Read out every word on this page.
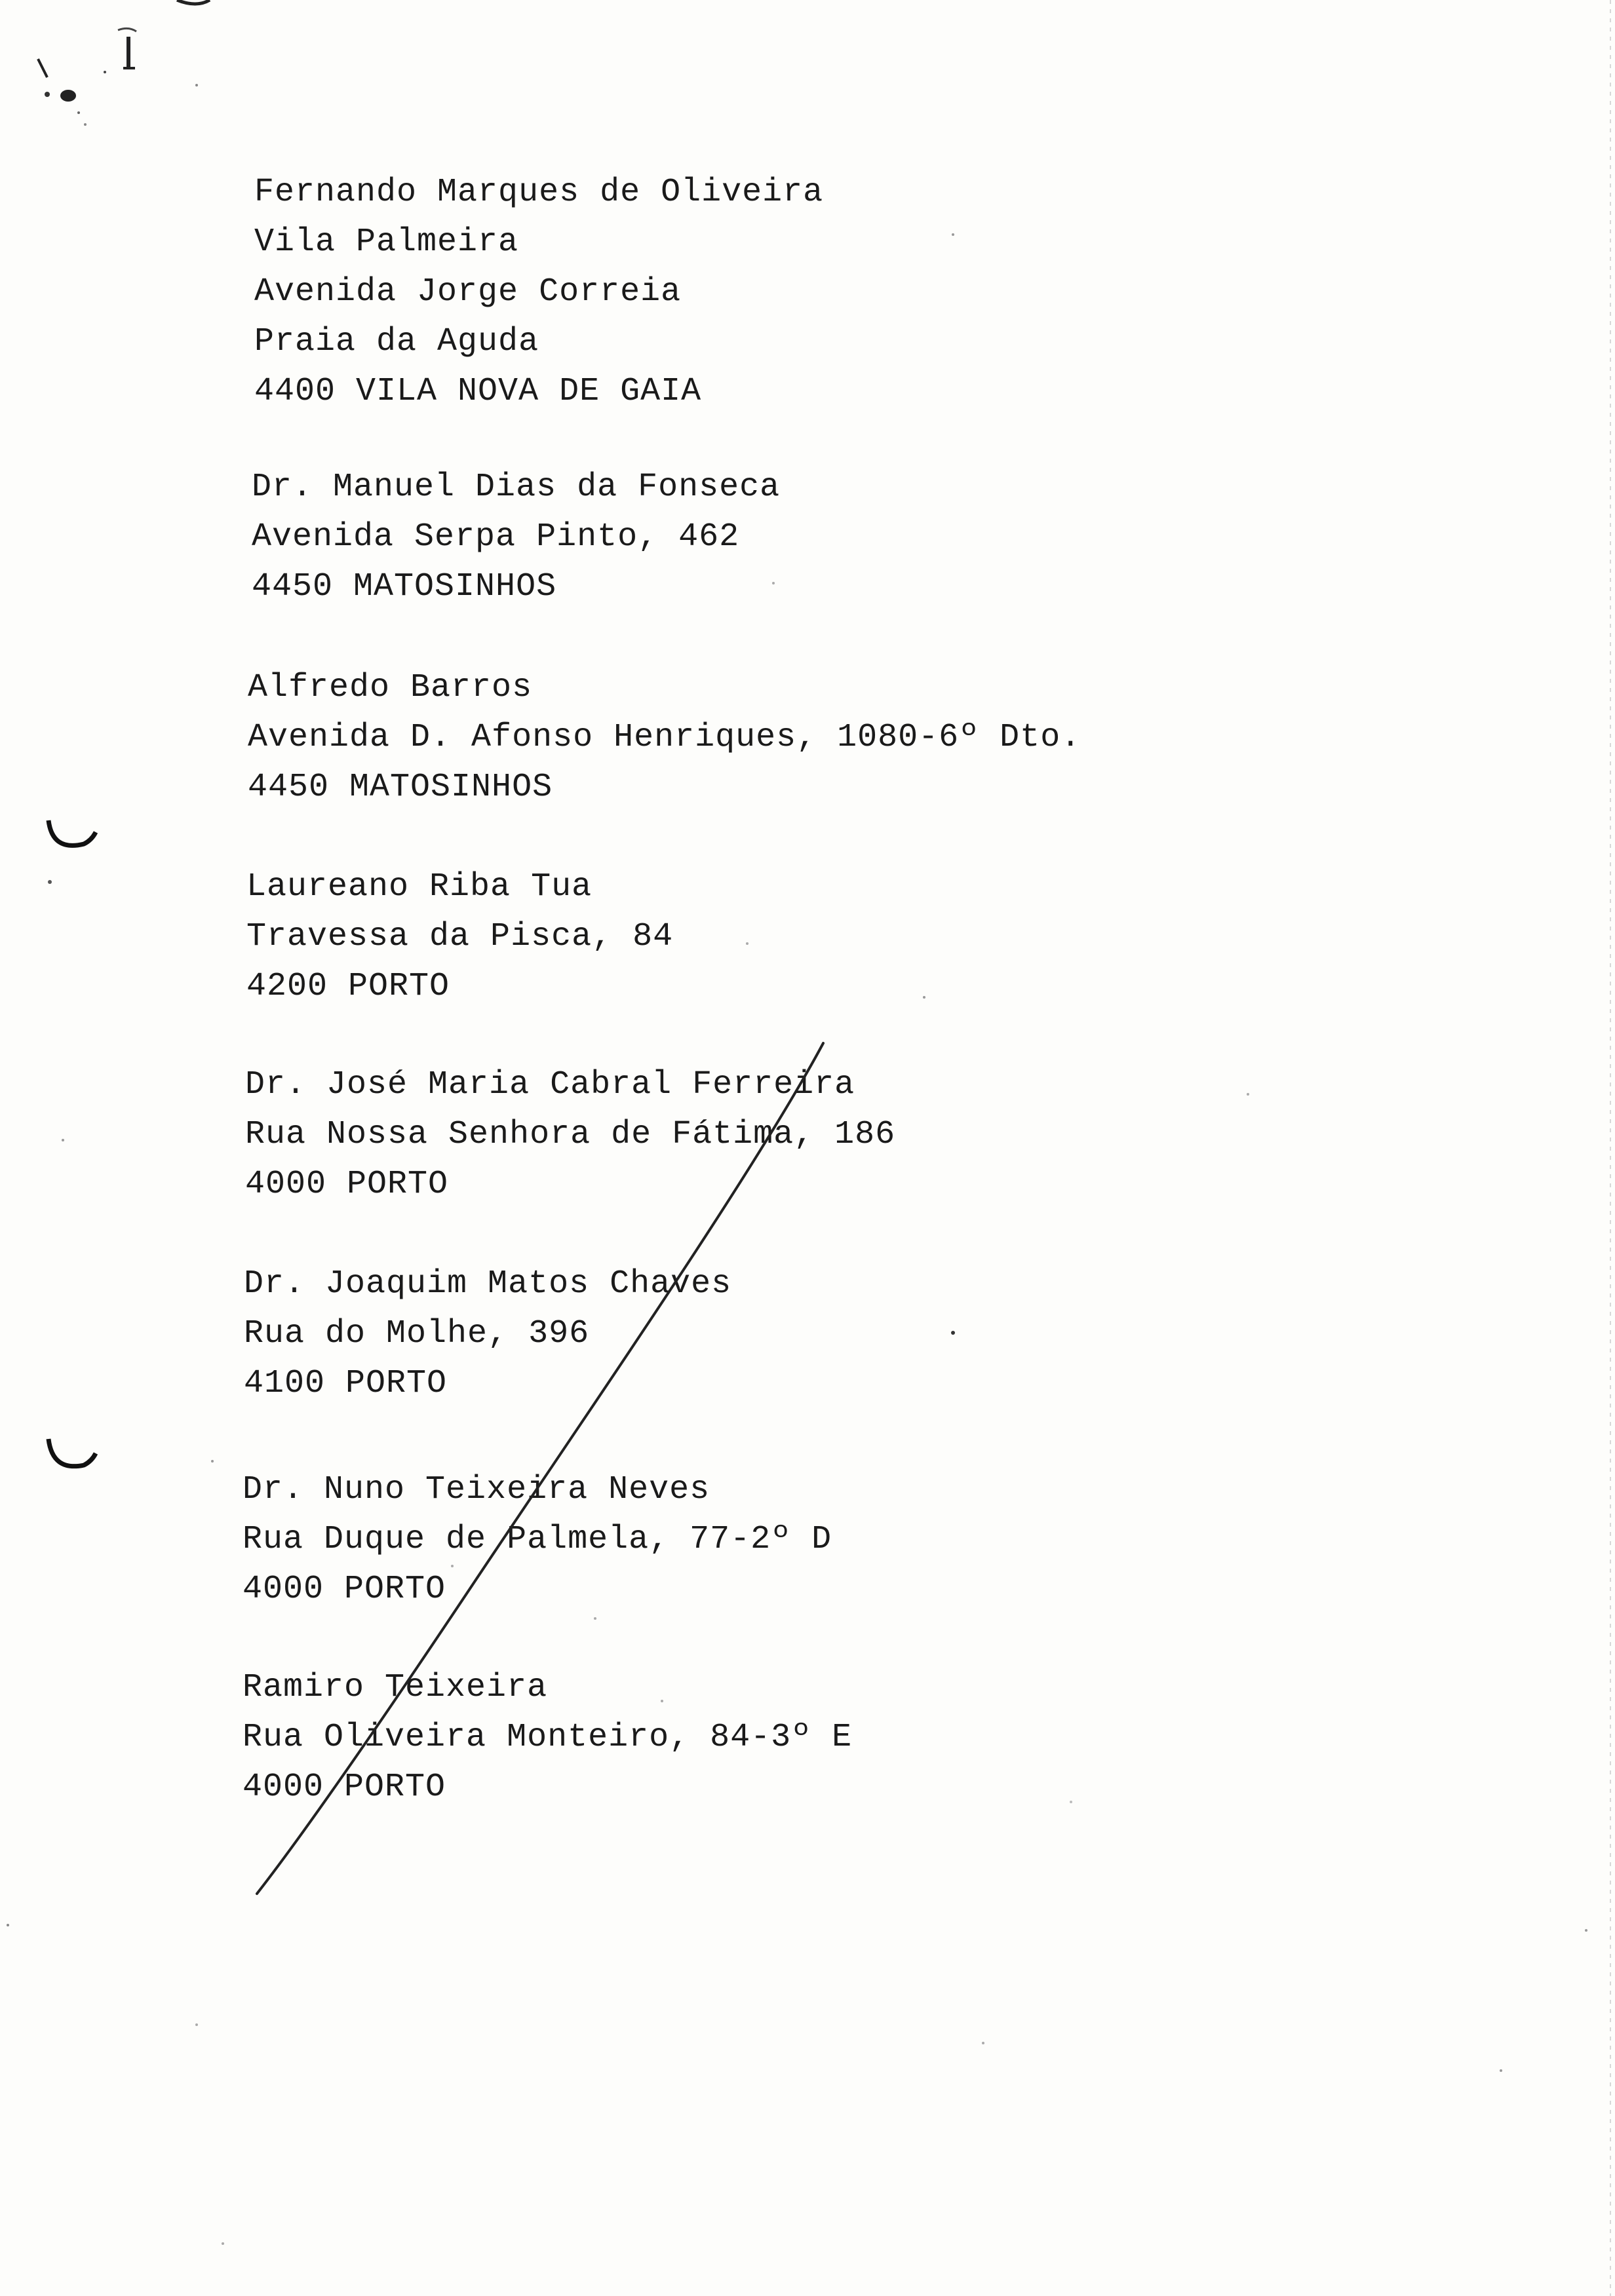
Fernando Marques de Oliveira
Vila Palmeira
Avenida Jorge Correia
Praia da Aguda
4400 VILA NOVA DE GAIA
Dr. Manuel Dias da Fonseca
Avenida Serpa Pinto, 462
4450 MATOSINHOS
Alfredo Barros
Avenida D. Afonso Henriques, 1080-6º Dto.
4450 MATOSINHOS
Laureano Riba Tua
Travessa da Pisca, 84
4200 PORTO
Dr. José Maria Cabral Ferreira
Rua Nossa Senhora de Fátima, 186
4000 PORTO
Dr. Joaquim Matos Chaves
Rua do Molhe, 396
4100 PORTO
Dr. Nuno Teixeira Neves
Rua Duque de Palmela, 77-2º D
4000 PORTO
Ramiro Teixeira
Rua Oliveira Monteiro, 84-3º E
4000 PORTO
